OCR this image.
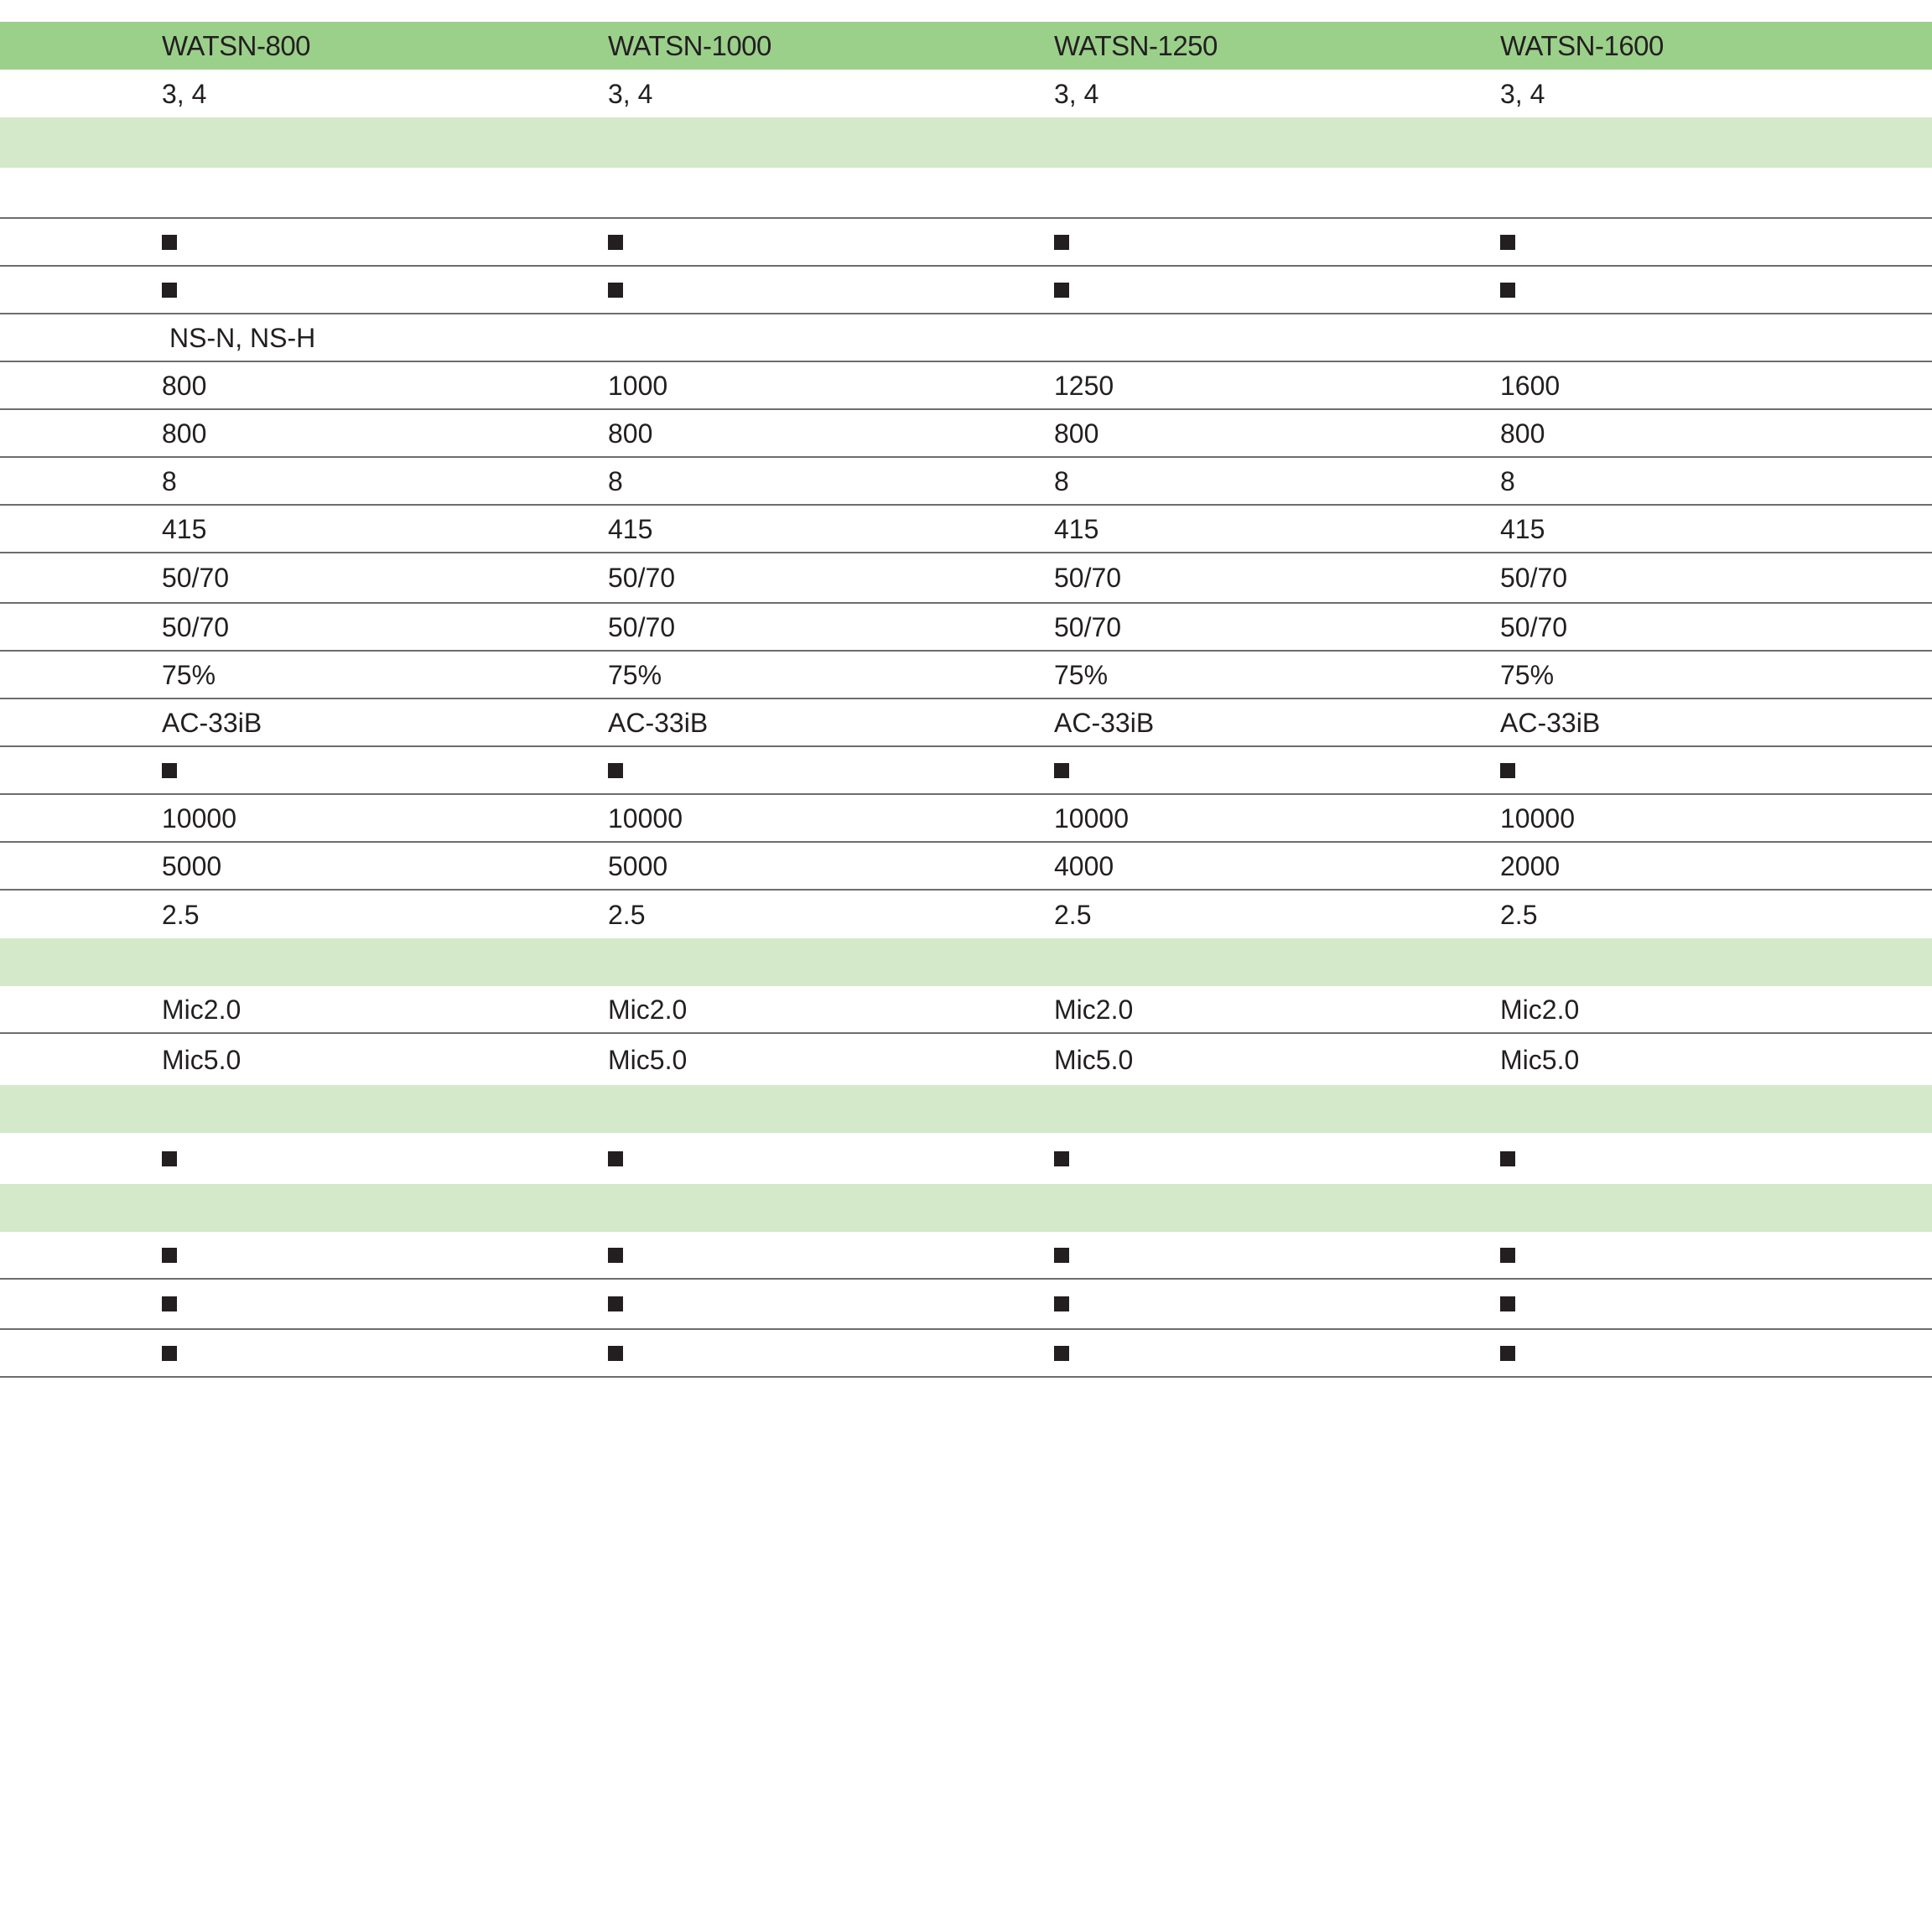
WATSN-800	WATSN-1000	WATSN-1250	WATSN-1600
3, 4	3, 4	3, 4	3, 4
NS-N, NS-H
800	1000	1250	1600
800	800	800	800
8	8	8	8
415	415	415	415
50/70	50/70	50/70	50/70
50/70	50/70	50/70	50/70
75%	75%	75%	75%
AC-33iB	AC-33iB	AC-33iB	AC-33iB
10000	10000	10000	10000
5000	5000	4000	2000
2.5	2.5	2.5	2.5
Mic2.0	Mic2.0	Mic2.0	Mic2.0
Mic5.0	Mic5.0	Mic5.0	Mic5.0
